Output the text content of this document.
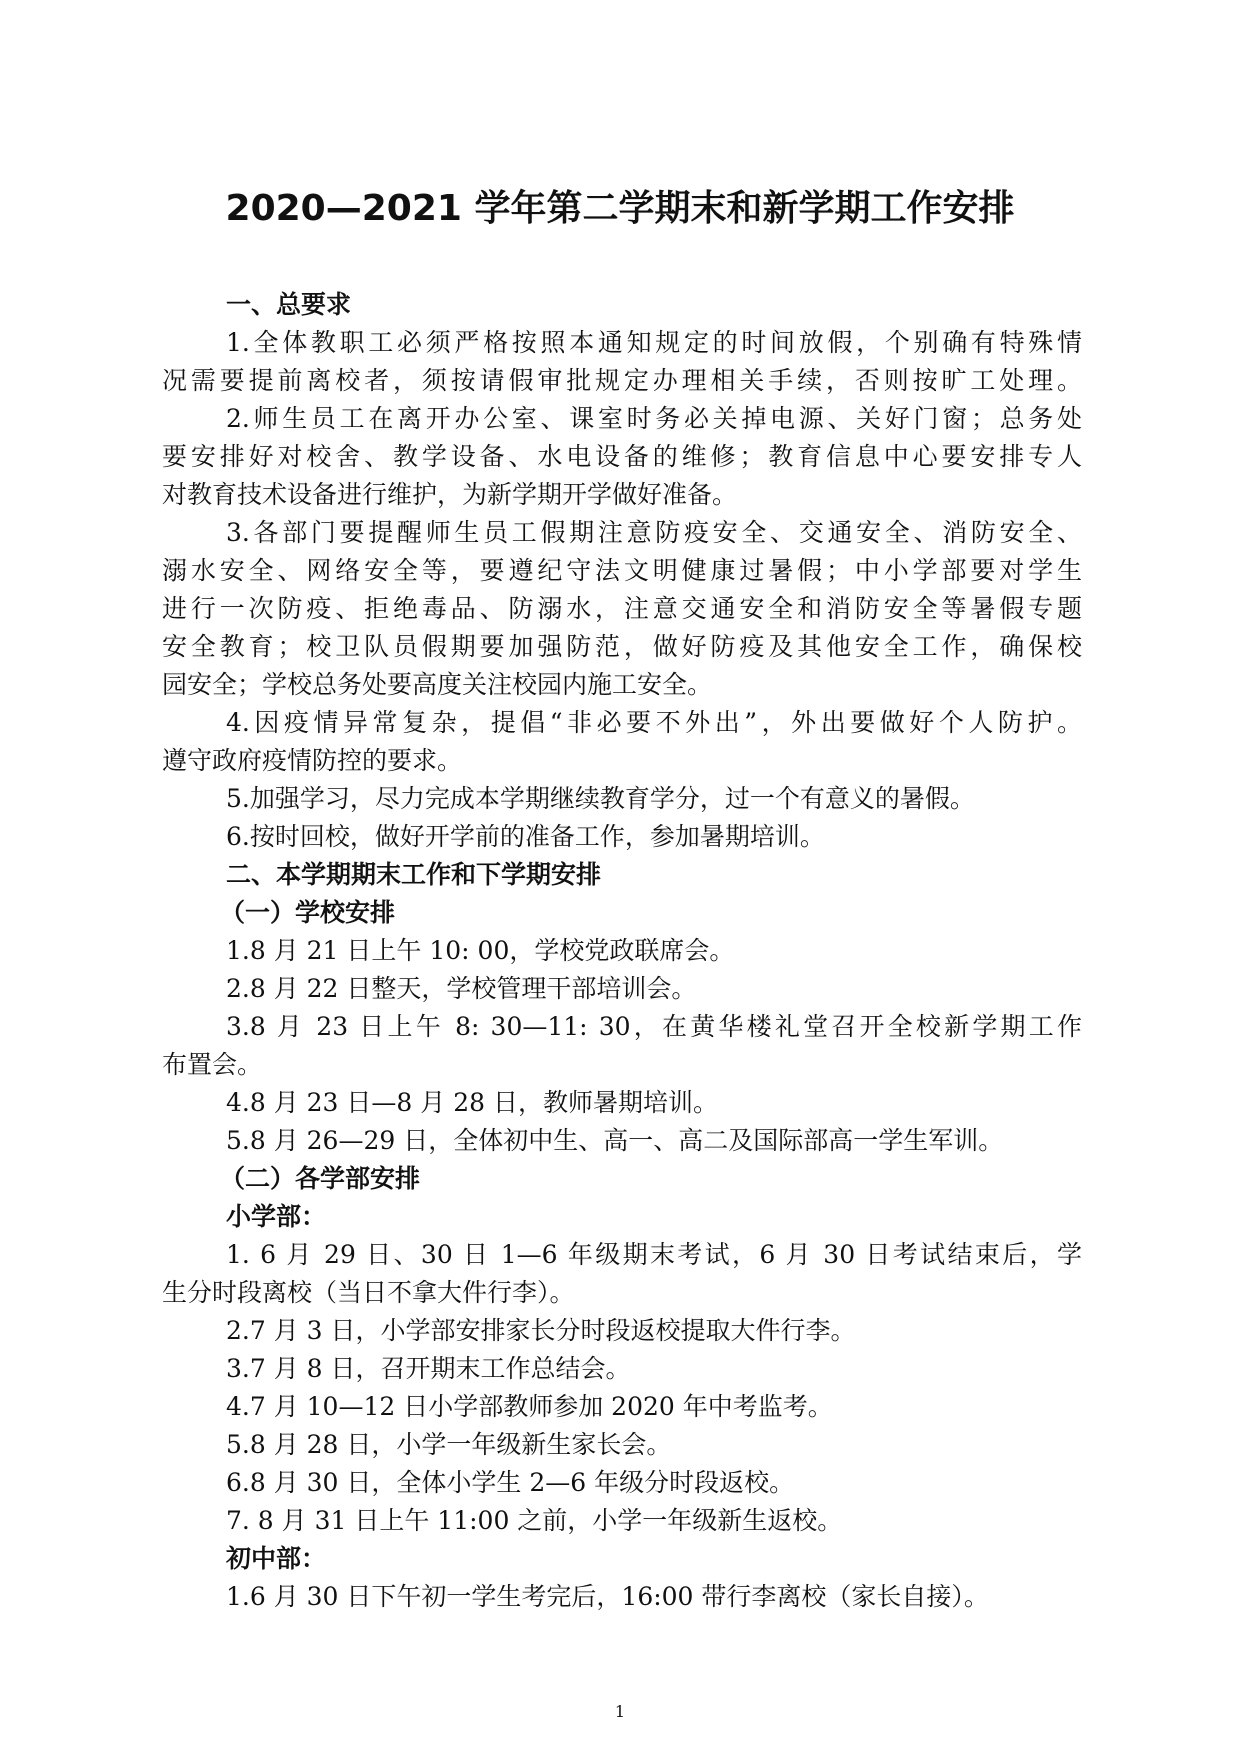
2020—2021 学年第二学期末和新学期工作安排

一、总要求

1.全体教职工必须严格按照本通知规定的时间放假，个别确有特殊情

况需要提前离校者，须按请假审批规定办理相关手续，否则按旷工处理。

2.师生员工在离开办公室、课室时务必关掉电源、关好门窗；总务处

要安排好对校舍、教学设备、水电设备的维修；教育信息中心要安排专人

对教育技术设备进行维护，为新学期开学做好准备。

3.各部门要提醒师生员工假期注意防疫安全、交通安全、消防安全、

溺水安全、网络安全等，要遵纪守法文明健康过暑假；中小学部要对学生

进行一次防疫、拒绝毒品、防溺水，注意交通安全和消防安全等暑假专题

安全教育；校卫队员假期要加强防范，做好防疫及其他安全工作，确保校

园安全；学校总务处要高度关注校园内施工安全。

4.因疫情异常复杂，提倡“非必要不外出”，外出要做好个人防护。

遵守政府疫情防控的要求。

5.加强学习，尽力完成本学期继续教育学分，过一个有意义的暑假。

6.按时回校，做好开学前的准备工作，参加暑期培训。

二、本学期期末工作和下学期安排

（一）学校安排

1.8 月 21 日上午 10: 00，学校党政联席会。

2.8 月 22 日整天，学校管理干部培训会。

3.8 月 23 日上午 8: 30—11: 30，在黄华楼礼堂召开全校新学期工作

布置会。

4.8 月 23 日—8 月 28 日，教师暑期培训。

5.8 月 26—29 日，全体初中生、高一、高二及国际部高一学生军训。

（二）各学部安排

小学部：

1. 6 月 29 日、30 日 1—6 年级期末考试，6 月 30 日考试结束后，学

生分时段离校（当日不拿大件行李）。

2.7 月 3 日，小学部安排家长分时段返校提取大件行李。

3.7 月 8 日，召开期末工作总结会。

4.7 月 10—12 日小学部教师参加 2020 年中考监考。

5.8 月 28 日，小学一年级新生家长会。

6.8 月 30 日，全体小学生 2—6 年级分时段返校。

7. 8 月 31 日上午 11:00 之前，小学一年级新生返校。

初中部：

1.6 月 30 日下午初一学生考完后，16:00 带行李离校（家长自接）。

1
